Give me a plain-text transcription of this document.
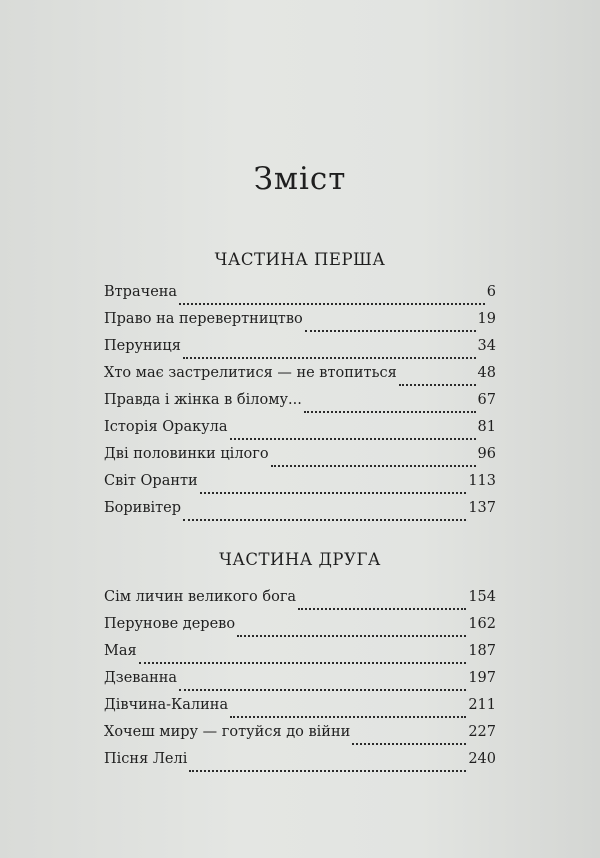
Зміст
ЧАСТИНА ПЕРША
Втрачена	6
Право на перевертництво	19
Перуниця	34
Хто має застрелитися — не втопиться	48
Правда і жінка в білому...	67
Історія Оракула	81
Дві половинки цілого	96
Світ Оранти	113
Боривітер	137
ЧАСТИНА ДРУГА
Сім личин великого бога	154
Перунове дерево	162
Мая	187
Дзеванна	197
Дівчина-Калина	211
Хочеш миру — готуйся до війни	227
Пісня Лелі	240
